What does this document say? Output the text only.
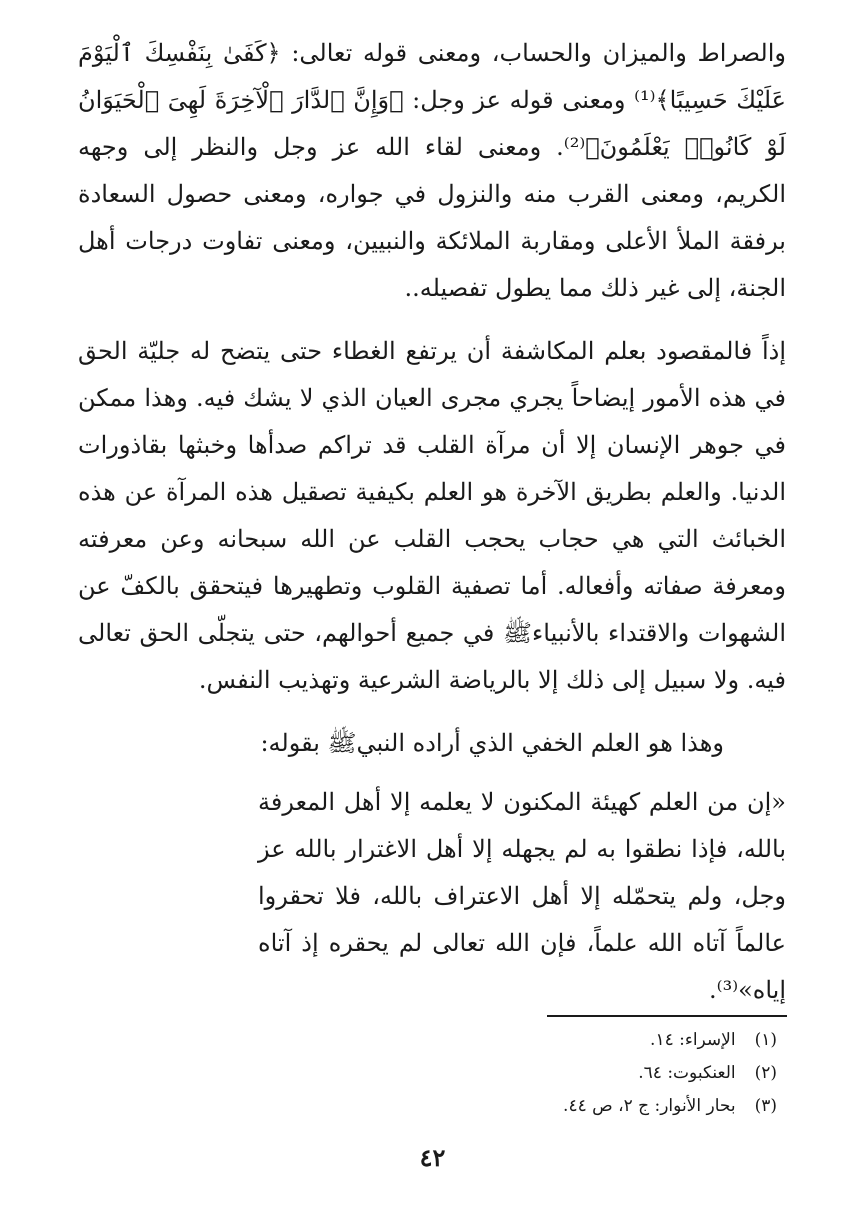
والصراط والميزان والحساب، ومعنى قوله تعالى: ﴿كَفَىٰ بِنَفْسِكَ ٱلْيَوْمَ عَلَيْكَ حَسِيبًا﴾⁽¹⁾ ومعنى قوله عز وجل: ﴿وَإِنَّ ٱلدَّارَ ٱلْآخِرَةَ لَهِىَ ٱلْحَيَوَانُ لَوْ كَانُوا۟ يَعْلَمُونَ﴾⁽²⁾. ومعنى لقاء الله عز وجل والنظر إلى وجهه الكريم، ومعنى القرب منه والنزول في جواره، ومعنى حصول السعادة برفقة الملأ الأعلى ومقاربة الملائكة والنبيين، ومعنى تفاوت درجات أهل الجنة، إلى غير ذلك مما يطول تفصيله..

إذاً فالمقصود بعلم المكاشفة أن يرتفع الغطاء حتى يتضح له جليّة الحق في هذه الأمور إيضاحاً يجري مجرى العيان الذي لا يشك فيه. وهذا ممكن في جوهر الإنسان إلا أن مرآة القلب قد تراكم صدأها وخبثها بقاذورات الدنيا. والعلم بطريق الآخرة هو العلم بكيفية تصقيل هذه المرآة عن هذه الخبائث التي هي حجاب يحجب القلب عن الله سبحانه وعن معرفته ومعرفة صفاته وأفعاله. أما تصفية القلوب وتطهيرها فيتحقق بالكفّ عن الشهوات والاقتداء بالأنبياءﷺ في جميع أحوالهم، حتى يتجلّى الحق تعالى فيه. ولا سبيل إلى ذلك إلا بالرياضة الشرعية وتهذيب النفس.

وهذا هو العلم الخفي الذي أراده النبيﷺ بقوله:

«إن من العلم كهيئة المكنون لا يعلمه إلا أهل المعرفة بالله، فإذا نطقوا به لم يجهله إلا أهل الاغترار بالله عز وجل، ولم يتحمّله إلا أهل الاعتراف بالله، فلا تحقروا عالماً آتاه الله علماً، فإن الله تعالى لم يحقره إذ آتاه إياه»⁽³⁾.

(١) الإسراء: ١٤.
(٢) العنكبوت: ٦٤.
(٣) بحار الأنوار: ج ٢، ص ٤٤.
٤٢
